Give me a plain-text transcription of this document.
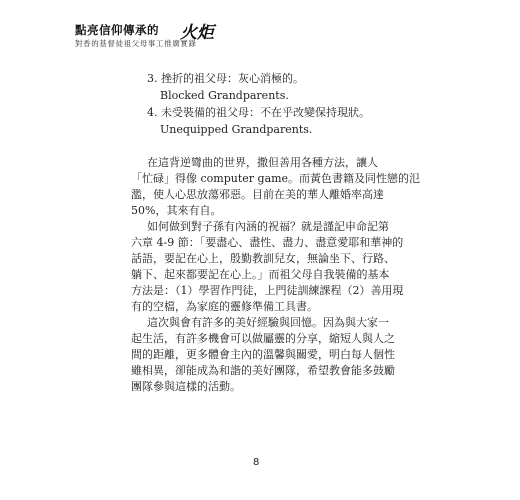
點亮信仰傳承的 火炬
對香的基督徒祖父母事工推廣實錄
3. 挫折的祖父母：灰心消極的。
Blocked Grandparents.
4. 未受裝備的祖父母：不在乎改變保持現狀。
Unequipped Grandparents.
在這背逆彎曲的世界，撒但善用各種方法，讓人
「忙碌」得像 computer game。而黃色書籍及同性戀的氾
濫，使人心思放蕩邪惡。目前在美的華人離婚率高達
50%，其來有自。
如何做到對子孫有內涵的祝福？就是謹記申命記第
六章 4-9 節：「要盡心、盡性、盡力、盡意愛耶和華神的
話語，要記在心上，殷勤教訓兒女，無論坐下、行路、
躺下、起來都要記在心上。」而祖父母自我裝備的基本
方法是：（1）學習作門徒，上門徒訓練課程（2）善用現
有的空檔，為家庭的靈修準備工具書。
這次與會有許多的美好經驗與回憶。因為與大家一
起生活，有許多機會可以做屬靈的分享，縮短人與人之
間的距離，更多體會主內的溫馨與關愛，明白每人個性
雖相異，卻能成為和諧的美好團隊，希望教會能多鼓勵
團隊參與這樣的活動。
8
